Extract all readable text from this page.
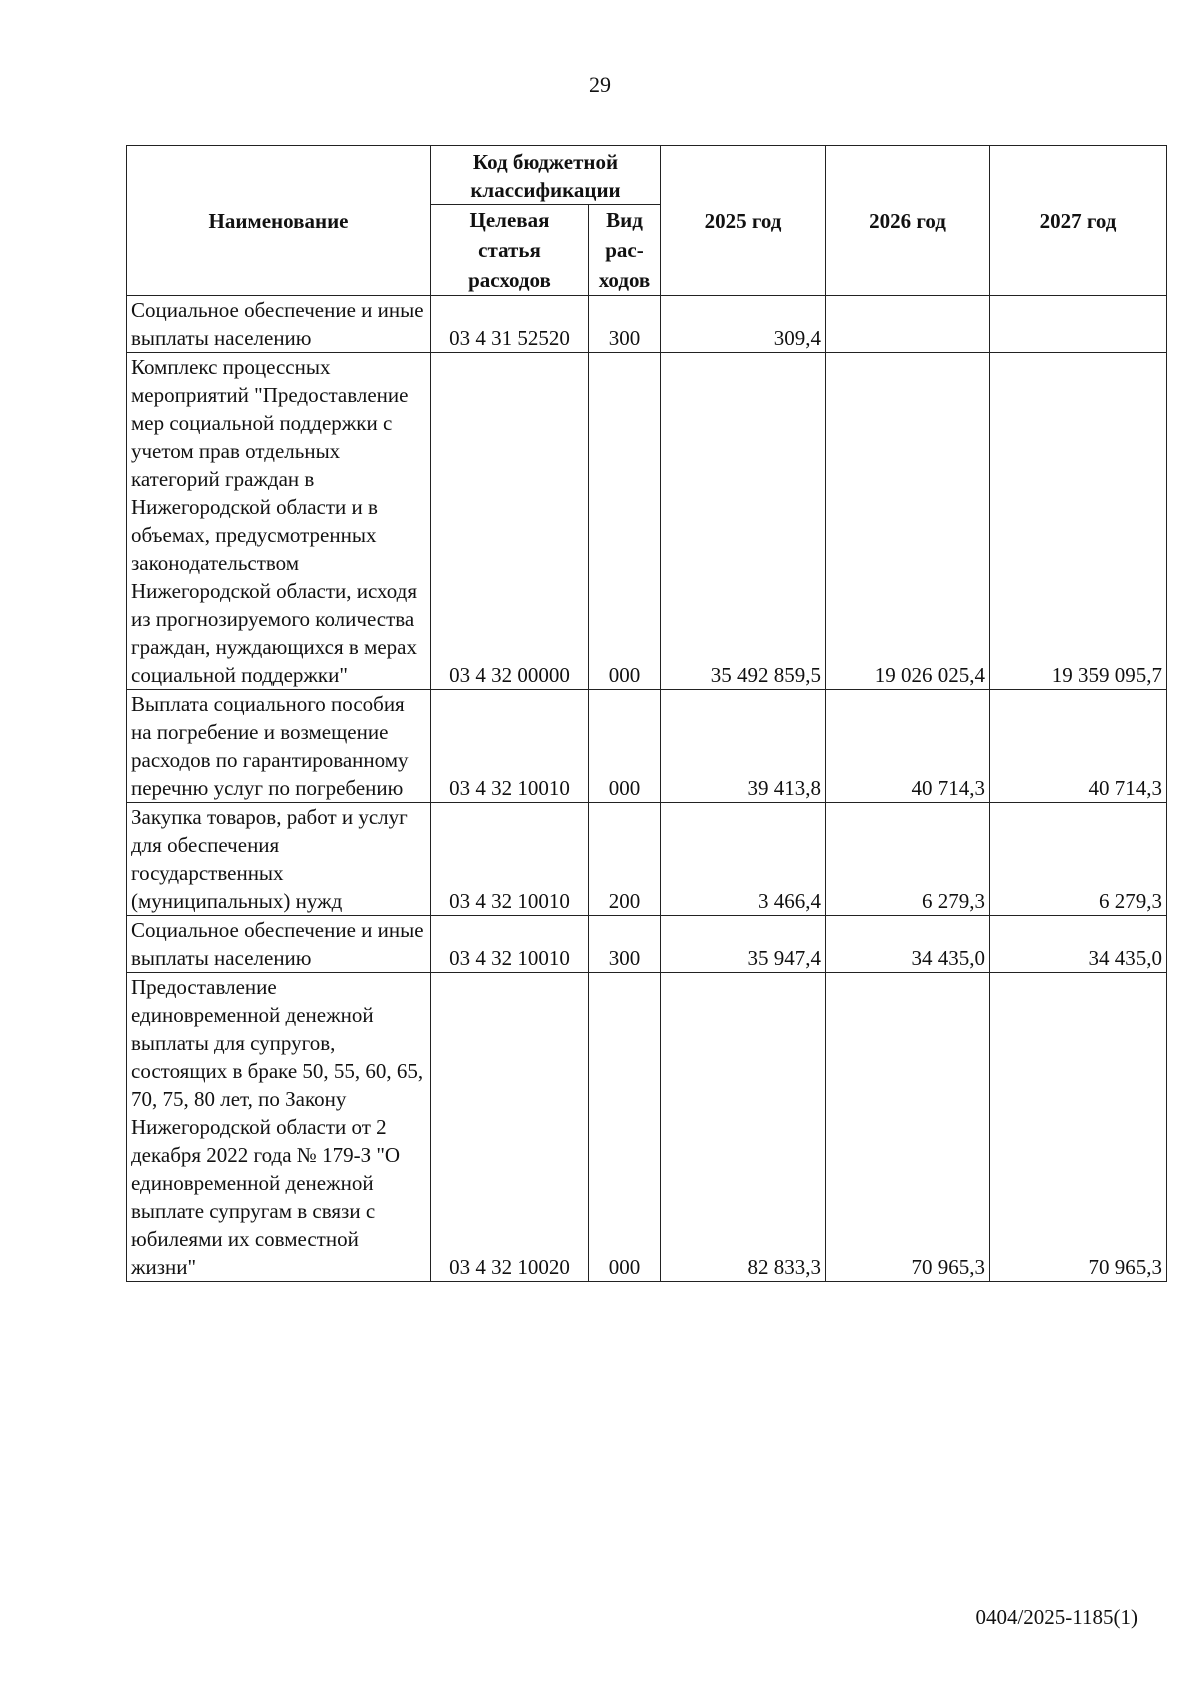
29
Наименование	Код бюджетной классификации		2025 год	2026 год	2027 год
	Целевая статья расходов	Вид рас-ходов			
Социальное обеспечение и иные выплаты населению	03 4 31 52520	300	309,4		
Комплекс процессных мероприятий "Предоставление мер социальной поддержки с учетом прав отдельных категорий граждан в Нижегородской области и в объемах, предусмотренных законодательством Нижегородской области, исходя из прогнозируемого количества граждан, нуждающихся в мерах социальной поддержки"	03 4 32 00000	000	35 492 859,5	19 026 025,4	19 359 095,7
Выплата социального пособия на погребение и возмещение расходов по гарантированному перечню услуг по погребению	03 4 32 10010	000	39 413,8	40 714,3	40 714,3
Закупка товаров, работ и услуг для обеспечения государственных (муниципальных) нужд	03 4 32 10010	200	3 466,4	6 279,3	6 279,3
Социальное обеспечение и иные выплаты населению	03 4 32 10010	300	35 947,4	34 435,0	34 435,0
Предоставление единовременной денежной выплаты для супругов, состоящих в браке 50, 55, 60, 65, 70, 75, 80 лет, по Закону Нижегородской области от 2 декабря 2022 года № 179-З "О единовременной денежной выплате супругам в связи с юбилеями их совместной жизни"	03 4 32 10020	000	82 833,3	70 965,3	70 965,3
0404/2025-1185(1)
